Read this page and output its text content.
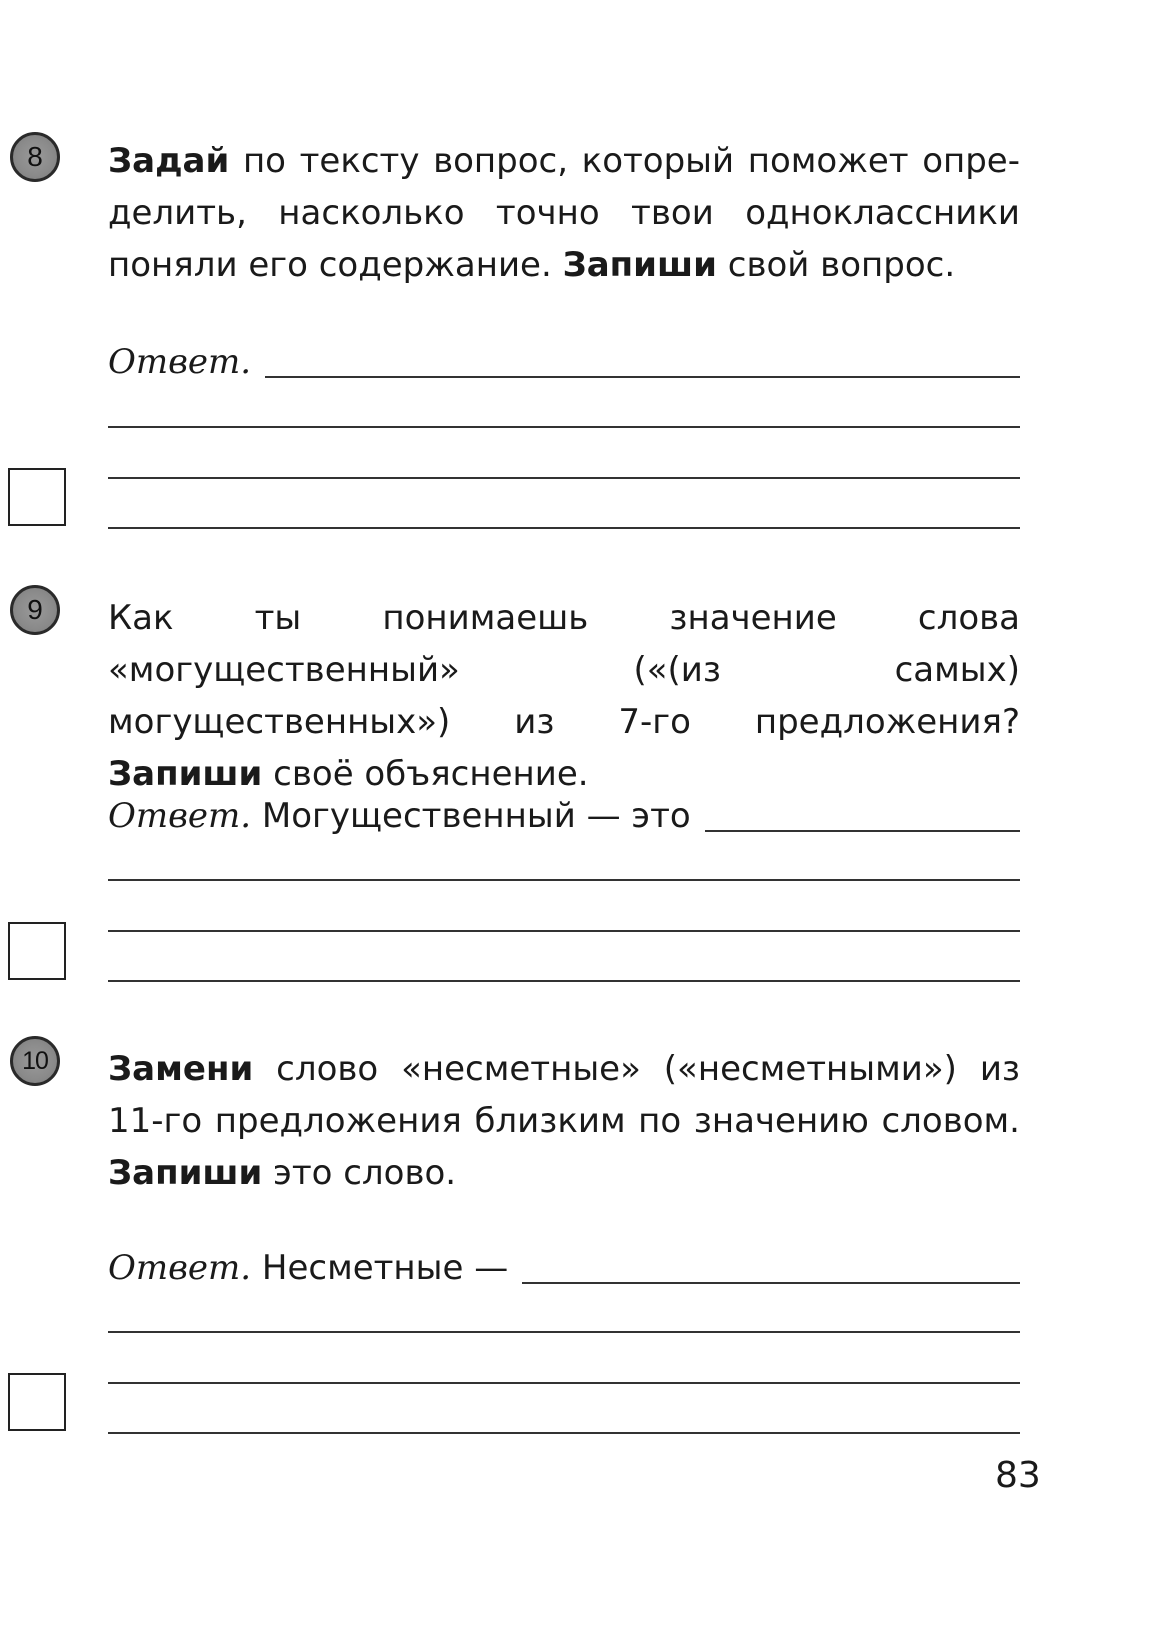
8	Задай по тексту вопрос, который поможет определить, насколько точно твои одноклассники поняли его содержание. Запиши свой вопрос.

Ответ.
9	Как ты понимаешь значение слова «могущественный» («(из самых) могущественных») из 7-го предложения? Запиши своё объяснение.

Ответ. Могущественный — это
10	Замени слово «несметные» («несметными») из 11-го предложения близким по значению словом. Запиши это слово.

Ответ. Несметные —
83
